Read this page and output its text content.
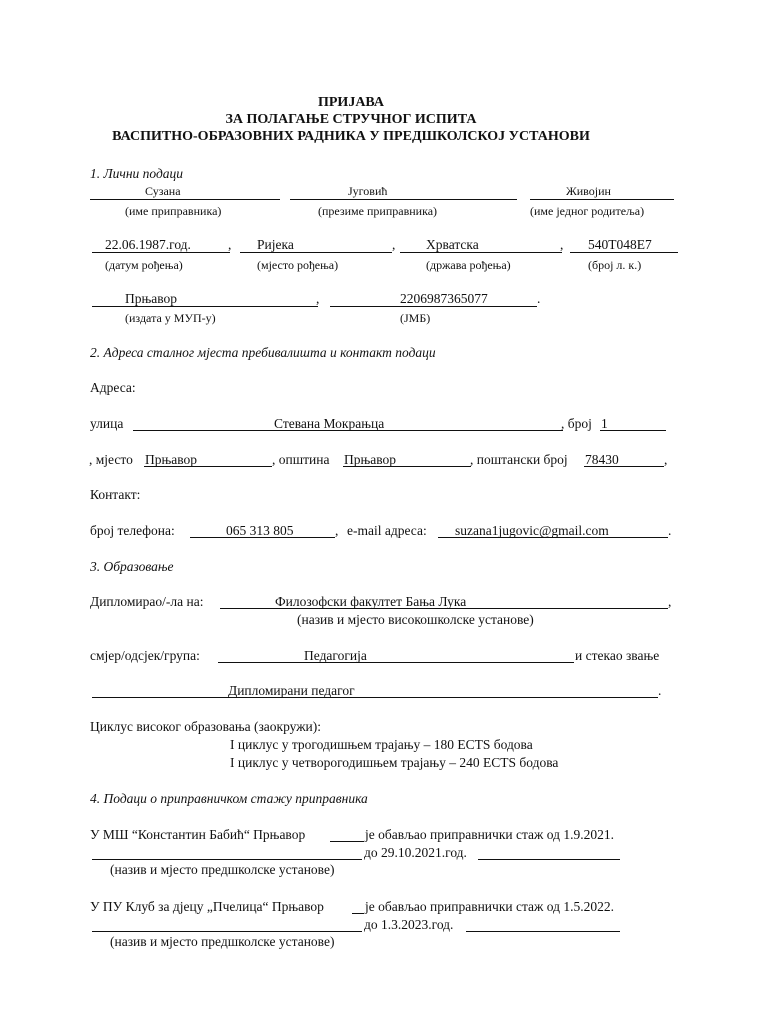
ПРИЈАВА
ЗА ПОЛАГАЊЕ СТРУЧНОГ ИСПИТА
ВАСПИТНО-ОБРАЗОВНИХ РАДНИКА У ПРЕДШКОЛСКОЈ УСТАНОВИ
1. Лични подаци
Сузана
(име приправника)
Југовић
(презиме приправника)
Живојин
(име једног родитеља)
22.06.1987.год.	,
(датум рођења)
Ријека	,
(мјесто рођења)
Хрватска	,
(држава рођења)
540Т048Е7
(број л. к.)
Прњавор	,
(издата у МУП-у)
2206987365077	.
(ЈМБ)
2. Адреса сталног мјеста пребивалишта и контакт подаци
Адреса:
улица	Стевана Мокрањца	, број 1
, мјесто Прњавор	, општина Прњавор	, поштански број 78430	,
Контакт:
број телефона:	065 313 805	, e-mail адреса: suzana1jugovic@gmail.com	.
3. Образовање
Дипломирао/-ла на:	Филозофски факултет Бања Лука	,
(назив и мјесто високошколске установе)
смјер/одсјек/група:	Педагогија	и стекао звање
Дипломирани педагог	.
Циклус високог образовања (заокружи):
I циклус у трогодишњем трајању – 180 ECTS бодова
I циклус у четворогодишњем трајању – 240 ECTS бодова
4. Подаци о приправничком стажу приправника
У МШ “Константин Бабић“ Прњавор	је обављао приправнички стаж од 1.9.2021.
до 29.10.2021.год.
(назив и мјесто предшколске установе)
У ПУ Клуб за дјецу „Пчелица“ Прњавор	је обављао приправнички стаж од 1.5.2022.
до 1.3.2023.год.
(назив и мјесто предшколске установе)
